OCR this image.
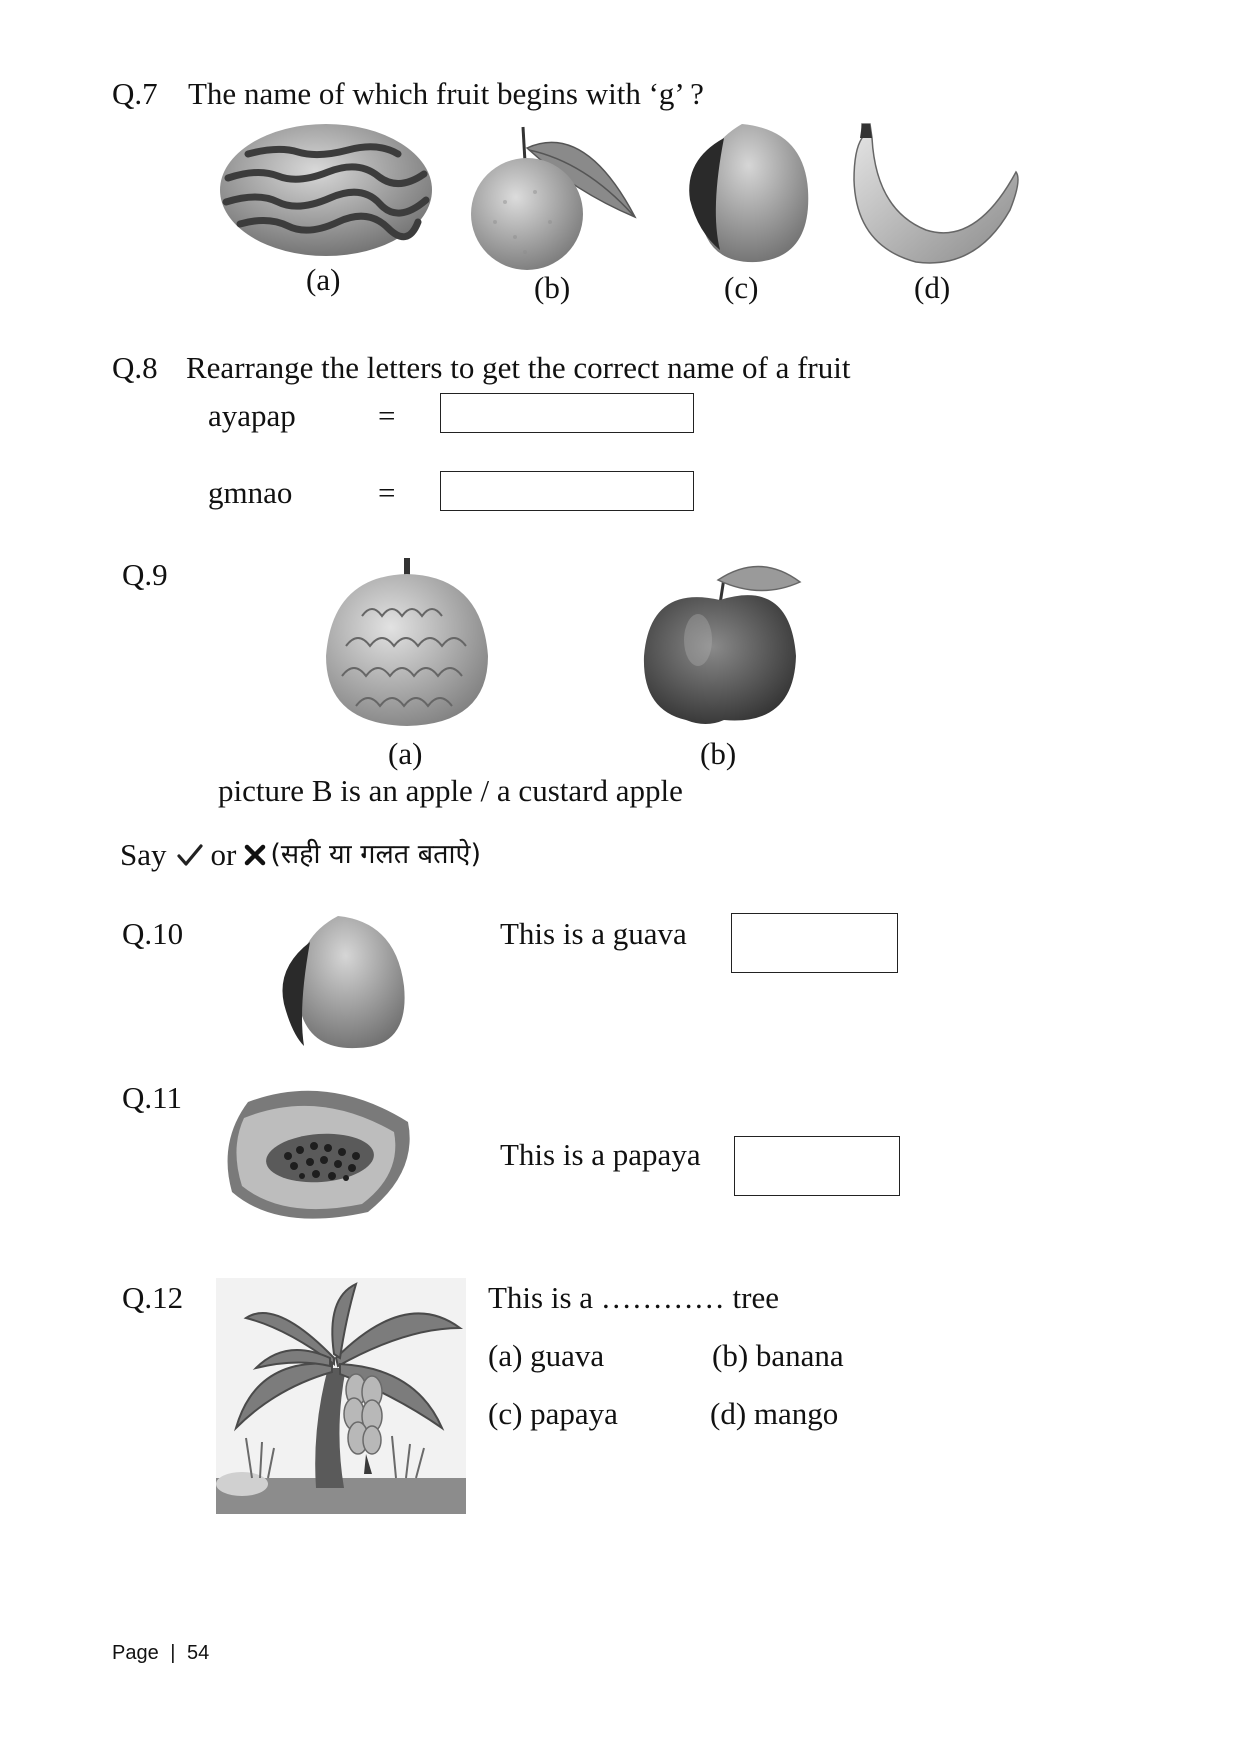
Q.7 The name of which fruit begins with ‘g’ ?
(a)	(b)	(c)	(d)
Q.8 Rearrange the letters to get the correct name of a fruit
ayapap	=
gmnao	=
Q.9
(a)	(b)
picture B is an apple / a custard apple
Say or (सही या गलत बताऐ)
Q.10	This is a guava
Q.11
This is a papaya
Q.12	This is a ………… tree
(a) guava	(b) banana
(c) papaya	(d) mango
Page | 54
